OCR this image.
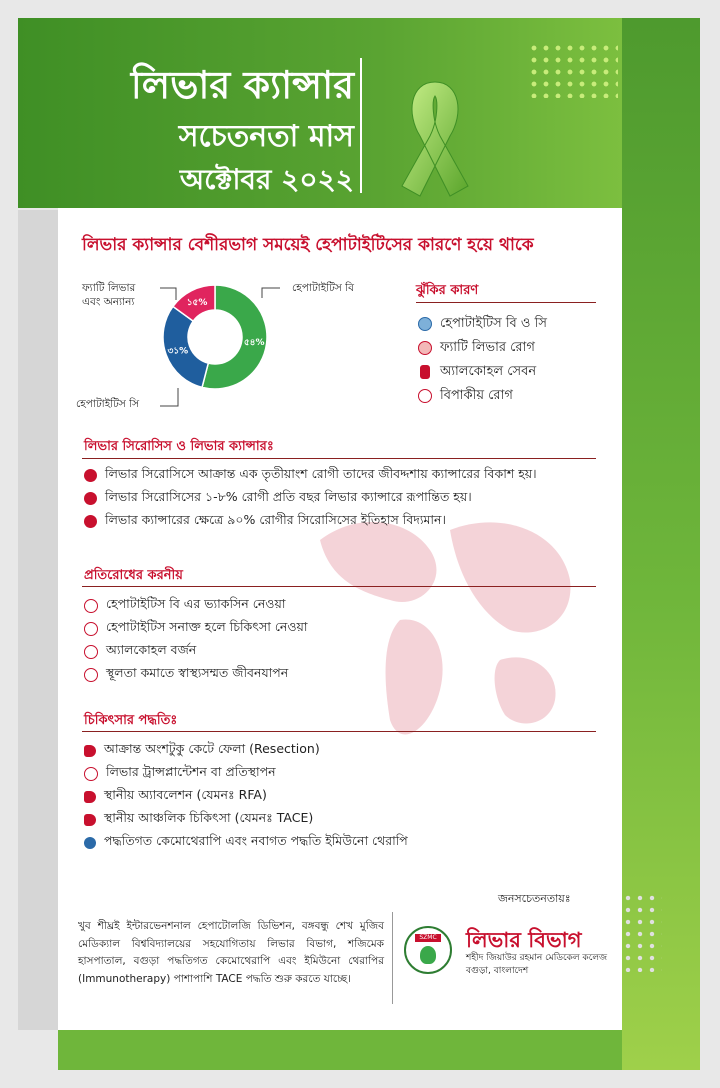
লিভার ক্যান্সার
সচেতনতা মাস
অক্টোবর ২০২২
লিভার ক্যান্সার বেশীরভাগ সময়েই হেপাটাইটিসের কারণে হয়ে থাকে
৫৪%
৩১%
১৫%
ফ্যাটি লিভার
এবং অন্যান্য
হেপাটাইটিস বি
হেপাটাইটিস সি
ঝুঁকির কারণ
হেপাটাইটিস বি ও সি
ফ্যাটি লিভার রোগ
অ্যালকোহল সেবন
বিপাকীয় রোগ
লিভার সিরোসিস ও লিভার ক্যান্সারঃ
লিভার সিরোসিসে আক্রান্ত এক তৃতীয়াংশ রোগী তাদের জীবদ্দশায় ক্যান্সারের বিকাশ হয়।
লিভার সিরোসিসের ১-৮% রোগী প্রতি বছর লিভার ক্যান্সারে রূপান্তিত হয়।
লিভার ক্যান্সারের ক্ষেত্রে ৯০% রোগীর সিরোসিসের ইতিহাস বিদ্যমান।
প্রতিরোধের করনীয়
হেপাটাইটিস বি এর ভ্যাকসিন নেওয়া
হেপাটাইটিস সনাক্ত হলে চিকিৎসা নেওয়া
অ্যালকোহল বর্জন
স্থূলতা কমাতে স্বাস্থ্যসম্মত জীবনযাপন
চিকিৎসার পদ্ধতিঃ
আক্রান্ত অংশটুকু কেটে ফেলা (Resection)
লিভার ট্রান্সপ্লান্টেশন বা প্রতিস্থাপন
স্থানীয় অ্যাবলেশন (যেমনঃ RFA)
স্থানীয় আঞ্চলিক চিকিৎসা (যেমনঃ TACE)
পদ্ধতিগত কেমোথেরাপি এবং নবাগত পদ্ধতি ইমিউনো থেরাপি
জনসচেতনতায়ঃ
খুব শীঘ্রই ইন্টারভেনশনাল হেপাটোলজি ডিভিশন, বঙ্গবন্ধু শেখ মুজিব মেডিক্যাল বিশ্ববিদ্যালয়ের সহযোগিতায় লিভার বিভাগ, শজিমেক হাসপাতাল, বগুড়া পদ্ধতিগত কেমোথেরাপি এবং ইমিউনো থেরাপির (Immunotherapy) পাশাপাশি TACE পদ্ধতি শুরু করতে যাচ্ছে।
SZMC লিভার বিভাগ
শহীদ জিয়াউর রহমান মেডিকেল কলেজ
বগুড়া, বাংলাদেশ
